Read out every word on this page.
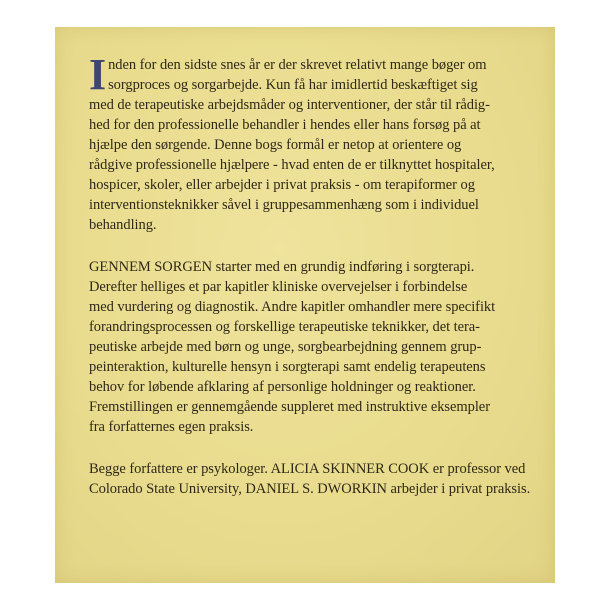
Inden for den sidste snes år er der skrevet relativt mange bøger om
sorgproces og sorgarbejde. Kun få har imidlertid beskæftiget sig
med de terapeutiske arbejdsmåder og interventioner, der står til rådig-
hed for den professionelle behandler i hendes eller hans forsøg på at
hjælpe den sørgende. Denne bogs formål er netop at orientere og
rådgive professionelle hjælpere - hvad enten de er tilknyttet hospitaler,
hospicer, skoler, eller arbejder i privat praksis - om terapiformer og
interventionsteknikker såvel i gruppesammenhæng som i individuel
behandling.

GENNEM SORGEN starter med en grundig indføring i sorgterapi.
Derefter helliges et par kapitler kliniske overvejelser i forbindelse
med vurdering og diagnostik. Andre kapitler omhandler mere specifikt
forandringsprocessen og forskellige terapeutiske teknikker, det tera-
peutiske arbejde med børn og unge, sorgbearbejdning gennem grup-
peinteraktion, kulturelle hensyn i sorgterapi samt endelig terapeutens
behov for løbende afklaring af personlige holdninger og reaktioner.
Fremstillingen er gennemgående suppleret med instruktive eksempler
fra forfatternes egen praksis.

Begge forfattere er psykologer. ALICIA SKINNER COOK er professor ved
Colorado State University, DANIEL S. DWORKIN arbejder i privat praksis.
